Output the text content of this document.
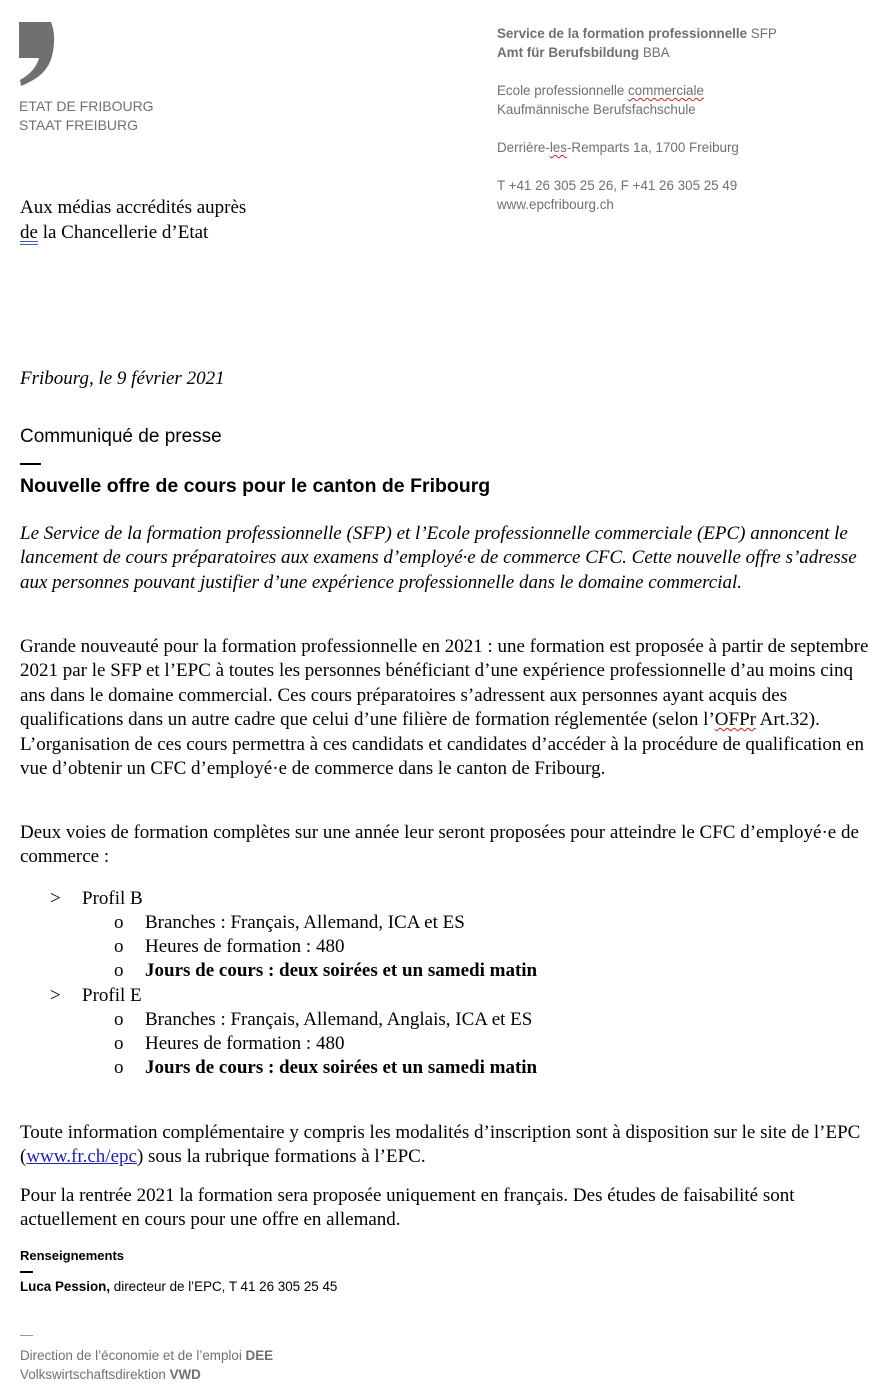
ETAT DE FRIBOURG
STAAT FREIBURG
Service de la formation professionnelle SFP
Amt für Berufsbildung BBA
Ecole professionnelle commerciale
Kaufmännische Berufsfachschule
Derrière-les-Remparts 1a, 1700 Freiburg
T +41 26 305 25 26, F +41 26 305 25 49
www.epcfribourg.ch
Aux médias accrédités auprès
de la Chancellerie d’Etat
Fribourg, le 9 février 2021
Communiqué de presse
Nouvelle offre de cours pour le canton de Fribourg
Le Service de la formation professionnelle (SFP) et l’Ecole professionnelle commerciale (EPC) annoncent le lancement de cours préparatoires aux examens d’employé·e de commerce CFC. Cette nouvelle offre s’adresse aux personnes pouvant justifier d’une expérience professionnelle dans le domaine commercial.
Grande nouveauté pour la formation professionnelle en 2021 : une formation est proposée à partir de septembre 2021 par le SFP et l’EPC à toutes les personnes bénéficiant d’une expérience professionnelle d’au moins cinq ans dans le domaine commercial. Ces cours préparatoires s’adressent aux personnes ayant acquis des qualifications dans un autre cadre que celui d’une filière de formation réglementée (selon l’OFPr Art.32). L’organisation de ces cours permettra à ces candidats et candidates d’accéder à la procédure de qualification en vue d’obtenir un CFC d’employé·e de commerce dans le canton de Fribourg.
Deux voies de formation complètes sur une année leur seront proposées pour atteindre le CFC d’employé·e de commerce :
> Profil B
o Branches : Français, Allemand, ICA et ES
o Heures de formation : 480
o Jours de cours : deux soirées et un samedi matin
> Profil E
o Branches : Français, Allemand, Anglais, ICA et ES
o Heures de formation : 480
o Jours de cours : deux soirées et un samedi matin
Toute information complémentaire y compris les modalités d’inscription sont à disposition sur le site de l’EPC (www.fr.ch/epc) sous la rubrique formations à l’EPC.
Pour la rentrée 2021 la formation sera proposée uniquement en français. Des études de faisabilité sont actuellement en cours pour une offre en allemand.
Renseignements
Luca Pession, directeur de l’EPC, T 41 26 305 25 45
Direction de l’économie et de l’emploi DEE
Volkswirtschaftsdirektion VWD
